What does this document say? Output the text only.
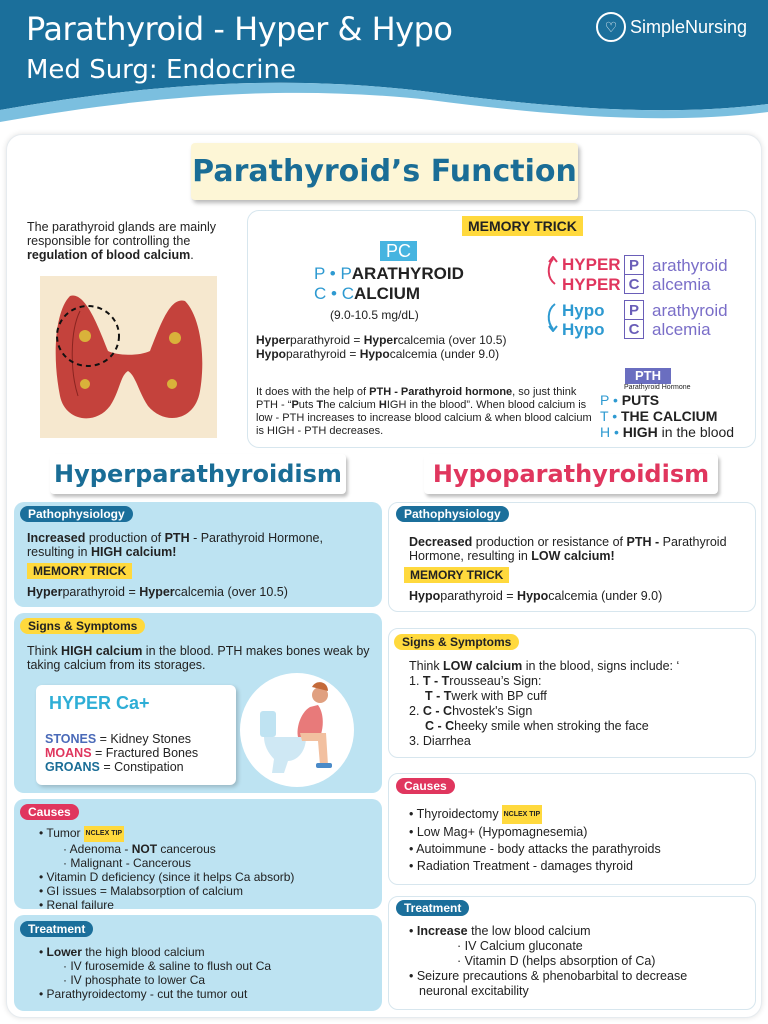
Parathyroid - Hyper & Hypo
Med Surg: Endocrine
♡ SimpleNursing
Parathyroid’s Function
The parathyroid glands are mainly responsible for controlling the regulation of blood calcium.
MEMORY TRICK
PC
P • PARATHYROID
C • CALCIUM
(9.0-10.5 mg/dL)
Hyperparathyroid = Hypercalcemia (over 10.5)
Hypoparathyroid = Hypocalcemia (under 9.0)
It does with the help of PTH - Parathyroid hormone, so just think PTH - “Puts The calcium HIGH in the blood”. When blood calcium is low - PTH increases to increase blood calcium & when blood calcium is HIGH - PTH decreases.
HYPER
HYPER
Hypo
Hypo
P
C
P
C
arathyroid
alcemia
arathyroid
alcemia
PTH
Parathyroid Hormone
P • PUTS
T • THE CALCIUM
H • HIGH in the blood
Hyperparathyroidism	Hypoparathyroidism
Pathophysiology
Increased production of PTH - Parathyroid Hormone, resulting in HIGH calcium!
MEMORY TRICK
Hyperparathyroid = Hypercalcemia (over 10.5)
Signs & Symptoms
Think HIGH calcium in the blood. PTH makes bones weak by taking calcium from its storages.
HYPER Ca+
STONES = Kidney Stones
MOANS = Fractured Bones
GROANS = Constipation
Causes
• Tumor NCLEX TIP
· Adenoma - NOT cancerous
· Malignant - Cancerous
• Vitamin D deficiency (since it helps Ca absorb)
• GI issues = Malabsorption of calcium
• Renal failure
Treatment
• Lower the high blood calcium
· IV furosemide & saline to flush out Ca
· IV phosphate to lower Ca
• Parathyroidectomy - cut the tumor out
Pathophysiology
Decreased production or resistance of PTH - Parathyroid Hormone, resulting in LOW calcium!
MEMORY TRICK
Hypoparathyroid = Hypocalcemia (under 9.0)
Signs & Symptoms
Think LOW calcium in the blood, signs include: ‘
1. T - Trousseau’s Sign:
T - Twerk with BP cuff
2. C - Chvostek's Sign
C - Cheeky smile when stroking the face
3. Diarrhea
Causes
• Thyroidectomy NCLEX TIP
• Low Mag+ (Hypomagnesemia)
• Autoimmune - body attacks the parathyroids
• Radiation Treatment - damages thyroid
Treatment
• Increase the low blood calcium
· IV Calcium gluconate
· Vitamin D (helps absorption of Ca)
• Seizure precautions & phenobarbital to decrease
neuronal excitability
